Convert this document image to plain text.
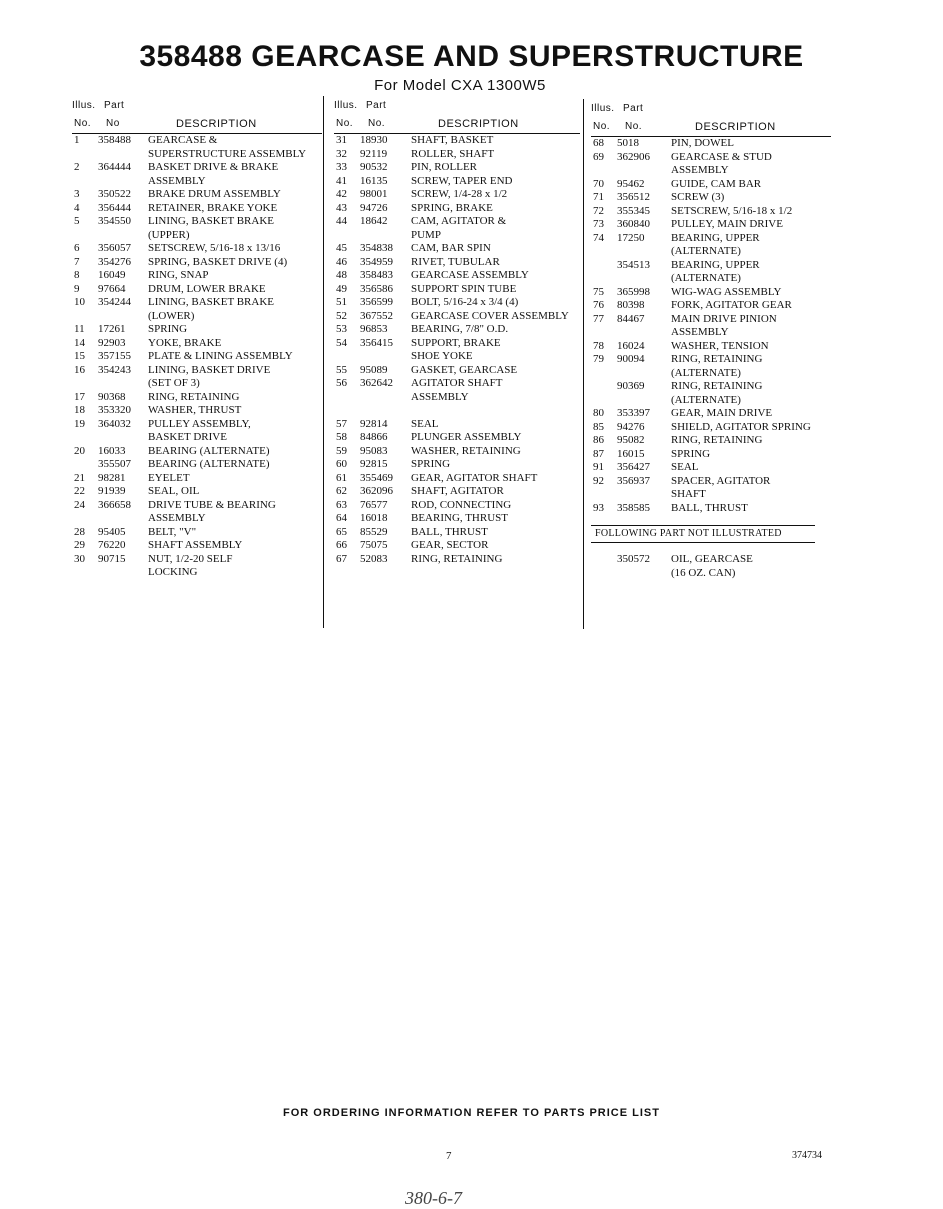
358488 GEARCASE AND SUPERSTRUCTURE
For Model CXA 1300W5
Illus. Part
No. No	DESCRIPTION
1	358488	GEARCASE &
SUPERSTRUCTURE ASSEMBLY
2	364444	BASKET DRIVE & BRAKE
ASSEMBLY
3	350522	BRAKE DRUM ASSEMBLY
4	356444	RETAINER, BRAKE YOKE
5	354550	LINING, BASKET BRAKE
(UPPER)
6	356057	SETSCREW, 5/16-18 x 13/16
7	354276	SPRING, BASKET DRIVE (4)
8	16049	RING, SNAP
9	97664	DRUM, LOWER BRAKE
10	354244	LINING, BASKET BRAKE
(LOWER)
11	17261	SPRING
14	92903	YOKE, BRAKE
15	357155	PLATE & LINING ASSEMBLY
16	354243	LINING, BASKET DRIVE
(SET OF 3)
17	90368	RING, RETAINING
18	353320	WASHER, THRUST
19	364032	PULLEY ASSEMBLY,
BASKET DRIVE
20	16033	BEARING (ALTERNATE)
355507	BEARING (ALTERNATE)
21	98281	EYELET
22	91939	SEAL, OIL
24	366658	DRIVE TUBE & BEARING
ASSEMBLY
28	95405	BELT, "V"
29	76220	SHAFT ASSEMBLY
30	90715	NUT, 1/2-20 SELF
LOCKING
Illus. Part
No. No.	DESCRIPTION
31	18930	SHAFT, BASKET
32	92119	ROLLER, SHAFT
33	90532	PIN, ROLLER
41	16135	SCREW, TAPER END
42	98001	SCREW, 1/4-28 x 1/2
43	94726	SPRING, BRAKE
44	18642	CAM, AGITATOR &
PUMP
45	354838	CAM, BAR SPIN
46	354959	RIVET, TUBULAR
48	358483	GEARCASE ASSEMBLY
49	356586	SUPPORT SPIN TUBE
51	356599	BOLT, 5/16-24 x 3/4 (4)
52	367552	GEARCASE COVER ASSEMBLY
53	96853	BEARING, 7/8" O.D.
54	356415	SUPPORT, BRAKE
SHOE YOKE
55	95089	GASKET, GEARCASE
56	362642	AGITATOR SHAFT
ASSEMBLY
57	92814	SEAL
58	84866	PLUNGER ASSEMBLY
59	95083	WASHER, RETAINING
60	92815	SPRING
61	355469	GEAR, AGITATOR SHAFT
62	362096	SHAFT, AGITATOR
63	76577	ROD, CONNECTING
64	16018	BEARING, THRUST
65	85529	BALL, THRUST
66	75075	GEAR, SECTOR
67	52083	RING, RETAINING
Illus. Part
No. No.	DESCRIPTION
68	5018	PIN, DOWEL
69	362906	GEARCASE & STUD
ASSEMBLY
70	95462	GUIDE, CAM BAR
71	356512	SCREW (3)
72	355345	SETSCREW, 5/16-18 x 1/2
73	360840	PULLEY, MAIN DRIVE
74	17250	BEARING, UPPER
(ALTERNATE)
354513	BEARING, UPPER
(ALTERNATE)
75	365998	WIG-WAG ASSEMBLY
76	80398	FORK, AGITATOR GEAR
77	84467	MAIN DRIVE PINION
ASSEMBLY
78	16024	WASHER, TENSION
79	90094	RING, RETAINING
(ALTERNATE)
90369	RING, RETAINING
(ALTERNATE)
80	353397	GEAR, MAIN DRIVE
85	94276	SHIELD, AGITATOR SPRING
86	95082	RING, RETAINING
87	16015	SPRING
91	356427	SEAL
92	356937	SPACER, AGITATOR
SHAFT
93	358585	BALL, THRUST
FOLLOWING PART NOT ILLUSTRATED
350572	OIL, GEARCASE
(16 OZ. CAN)
FOR ORDERING INFORMATION REFER TO PARTS PRICE LIST
7	374734
380-6-7
